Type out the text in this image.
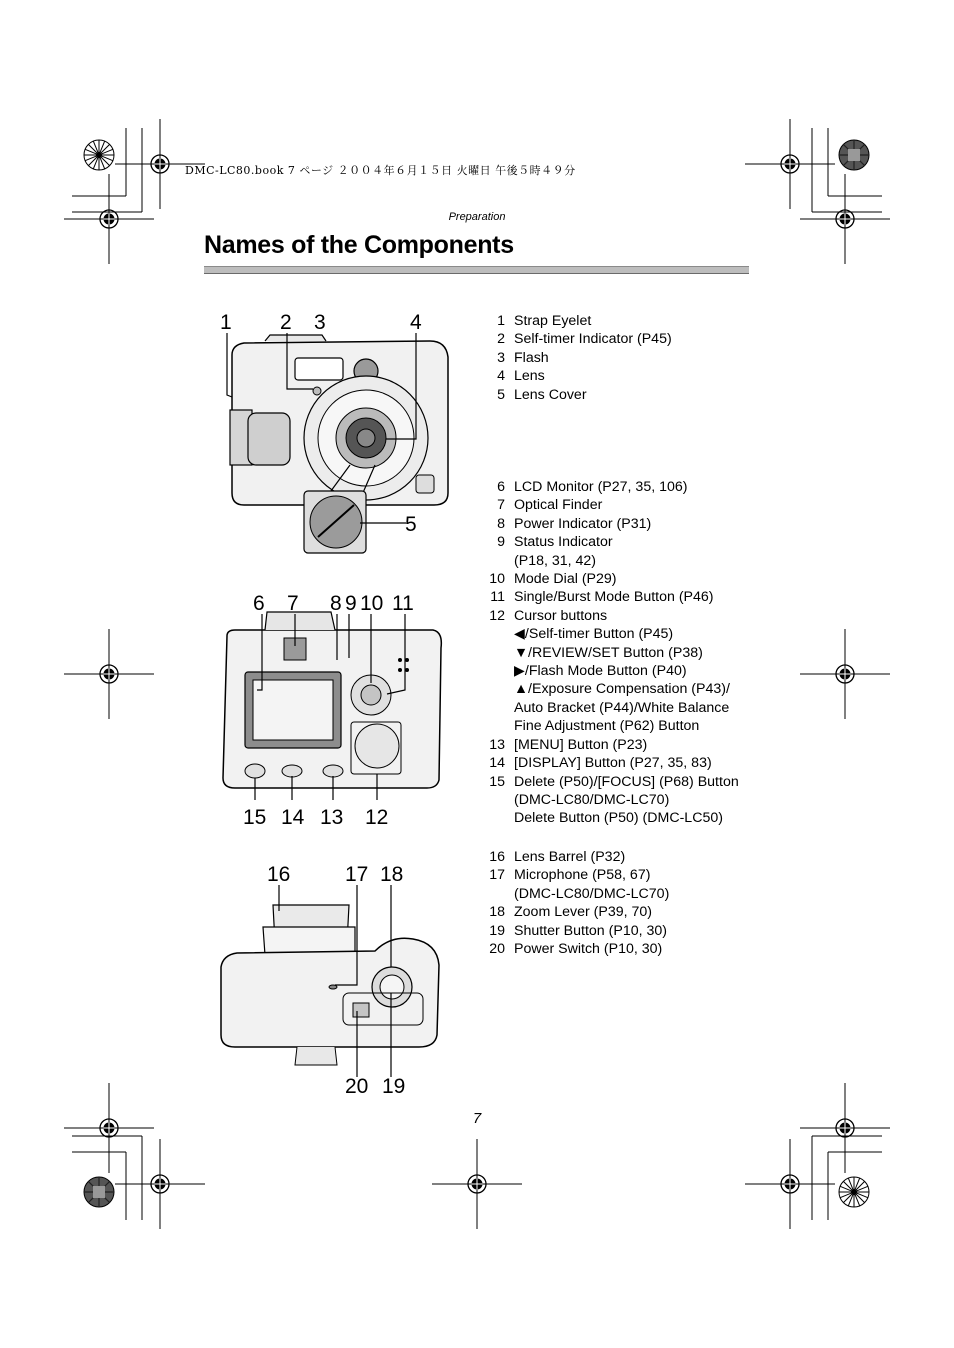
DMC-LC80.book 7 ページ ２００４年６月１５日 火曜日 午後５時４９分
Preparation
Names of the Components
1 2 3	4
5
6 7 8 9 10 11
15 14 13 12
16	17 18
20 19
1 Strap Eyelet
2 Self-timer Indicator (P45)
3 Flash
4 Lens
5 Lens Cover
6 LCD Monitor (P27, 35, 106)
7 Optical Finder
8 Power Indicator (P31)
9 Status Indicator
(P18, 31, 42)
10 Mode Dial (P29)
11 Single/Burst Mode Button (P46)
12 Cursor buttons
◀/Self-timer Button (P45)
▼/REVIEW/SET Button (P38)
▶/Flash Mode Button (P40)
▲/Exposure Compensation (P43)/
Auto Bracket (P44)/White Balance
Fine Adjustment (P62) Button
13 [MENU] Button (P23)
14 [DISPLAY] Button (P27, 35, 83)
15 Delete (P50)/[FOCUS] (P68) Button
(DMC-LC80/DMC-LC70)
Delete Button (P50) (DMC-LC50)
16 Lens Barrel (P32)
17 Microphone (P58, 67)
(DMC-LC80/DMC-LC70)
18 Zoom Lever (P39, 70)
19 Shutter Button (P10, 30)
20 Power Switch (P10, 30)
7
